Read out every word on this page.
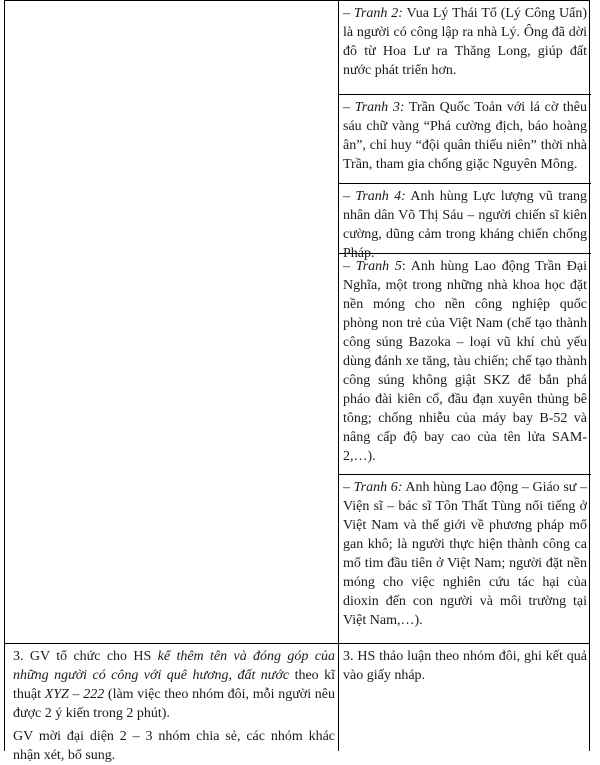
– Tranh 2: Vua Lý Thái Tổ (Lý Công Uẩn) là người có công lập ra nhà Lý. Ông đã dời đô từ Hoa Lư ra Thăng Long, giúp đất nước phát triển hơn.

– Tranh 3: Trần Quốc Toản với lá cờ thêu sáu chữ vàng “Phá cường địch, báo hoàng ân”, chỉ huy “đội quân thiếu niên” thời nhà Trần, tham gia chống giặc Nguyên Mông.

– Tranh 4: Anh hùng Lực lượng vũ trang nhân dân Võ Thị Sáu – người chiến sĩ kiên cường, dũng cảm trong kháng chiến chống Pháp.

– Tranh 5: Anh hùng Lao động Trần Đại Nghĩa, một trong những nhà khoa học đặt nền móng cho nền công nghiệp quốc phòng non trẻ của Việt Nam (chế tạo thành công súng Bazoka – loại vũ khí chủ yếu dùng đánh xe tăng, tàu chiến; chế tạo thành công súng không giật SKZ để bắn phá pháo đài kiên cố, đầu đạn xuyên thủng bê tông; chống nhiễu của máy bay B-52 và nâng cấp độ bay cao của tên lửa SAM-2,…).

– Tranh 6: Anh hùng Lao động – Giáo sư – Viện sĩ – bác sĩ Tôn Thất Tùng nổi tiếng ở Việt Nam và thế giới về phương pháp mổ gan khô; là người thực hiện thành công ca mổ tim đầu tiên ở Việt Nam; người đặt nền móng cho việc nghiên cứu tác hại của dioxin đến con người và môi trường tại Việt Nam,…).

3. HS thảo luận theo nhóm đôi, ghi kết quả vào giấy nháp.

3. GV tổ chức cho HS kể thêm tên và đóng góp của những người có công với quê hương, đất nước theo kĩ thuật XYZ – 222 (làm việc theo nhóm đôi, mỗi người nêu được 2 ý kiến trong 2 phút).

GV mời đại diện 2 – 3 nhóm chia sẻ, các nhóm khác nhận xét, bổ sung.
